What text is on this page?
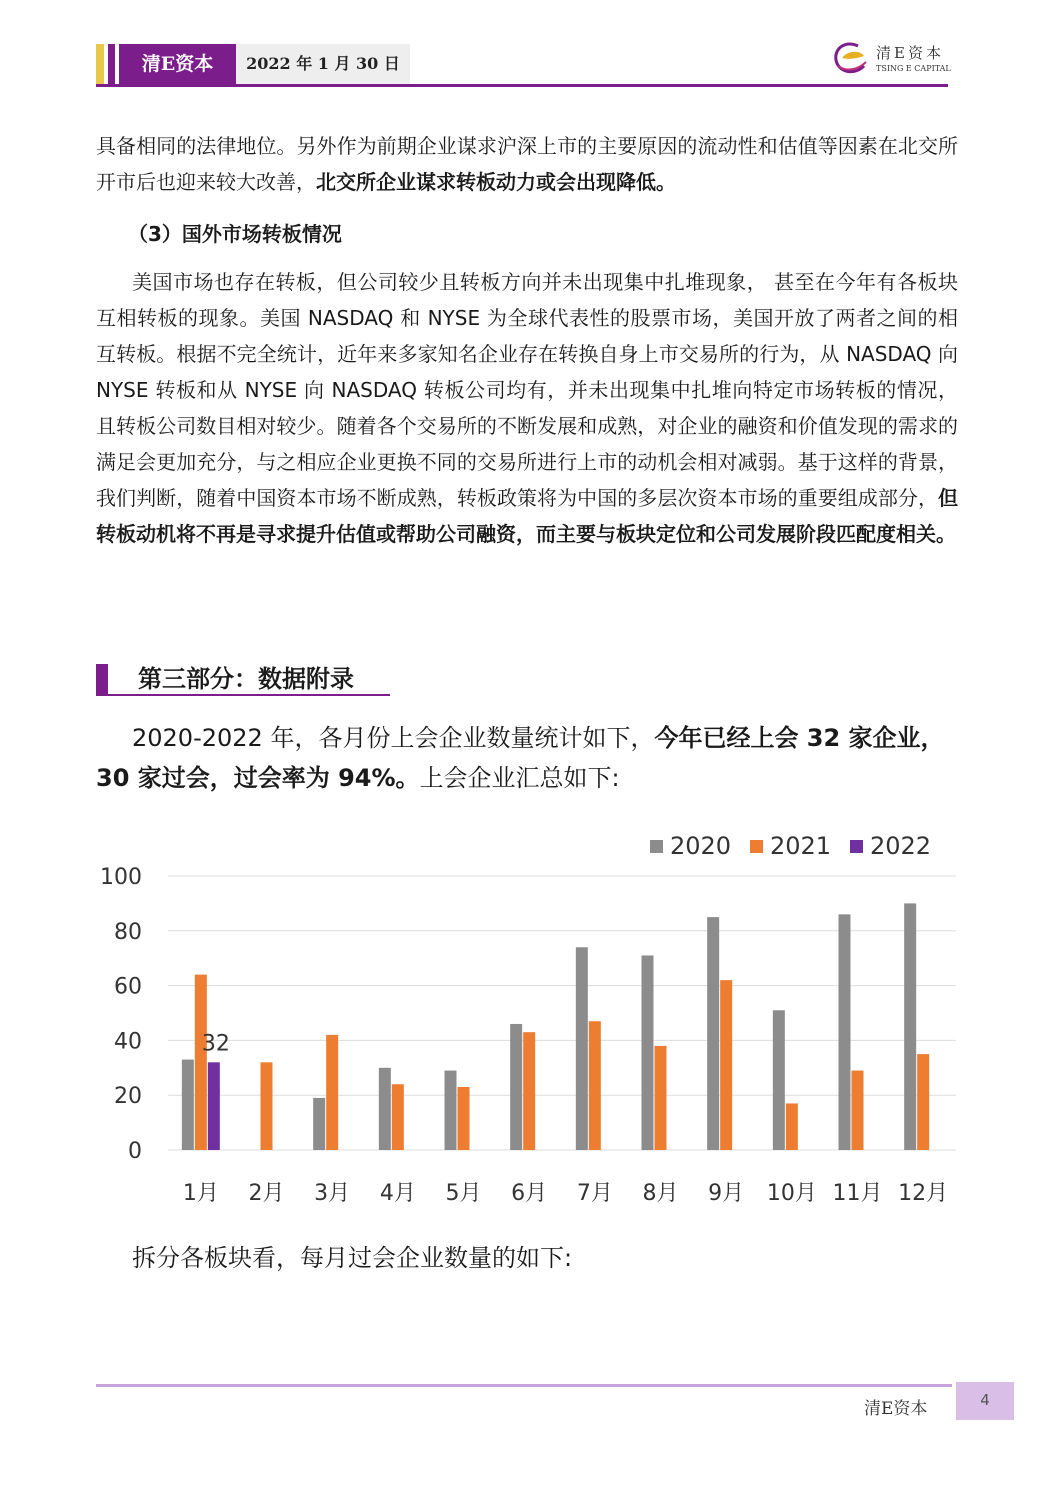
清E资本	2022 年 1 月 30 日
清E资本
TSING E CAPITAL

具备相同的法律地位。另外作为前期企业谋求沪深上市的主要原因的流动性和估值等因素在北交所开市后也迎来较大改善，北交所企业谋求转板动力或会出现降低。

（3）国外市场转板情况

美国市场也存在转板，但公司较少且转板方向并未出现集中扎堆现象， 甚至在今年有各板块互相转板的现象。美国 NASDAQ 和 NYSE 为全球代表性的股票市场，美国开放了两者之间的相互转板。根据不完全统计，近年来多家知名企业存在转换自身上市交易所的行为，从 NASDAQ 向 NYSE 转板和从 NYSE 向 NASDAQ 转板公司均有，并未出现集中扎堆向特定市场转板的情况，且转板公司数目相对较少。随着各个交易所的不断发展和成熟，对企业的融资和价值发现的需求的满足会更加充分，与之相应企业更换不同的交易所进行上市的动机会相对减弱。基于这样的背景，我们判断，随着中国资本市场不断成熟，转板政策将为中国的多层次资本市场的重要组成部分，但转板动机将不再是寻求提升估值或帮助公司融资，而主要与板块定位和公司发展阶段匹配度相关。

第三部分：数据附录

2020-2022 年，各月份上会企业数量统计如下，今年已经上会 32 家企业，30 家过会，过会率为 94%。上会企业汇总如下:

0
20
40
60
80
100
1月 2月 3月 4月 5月 6月 7月 8月 9月 10月 11月 12月
32
2020 2021 2022

拆分各板块看，每月过会企业数量的如下:

清E资本	4
